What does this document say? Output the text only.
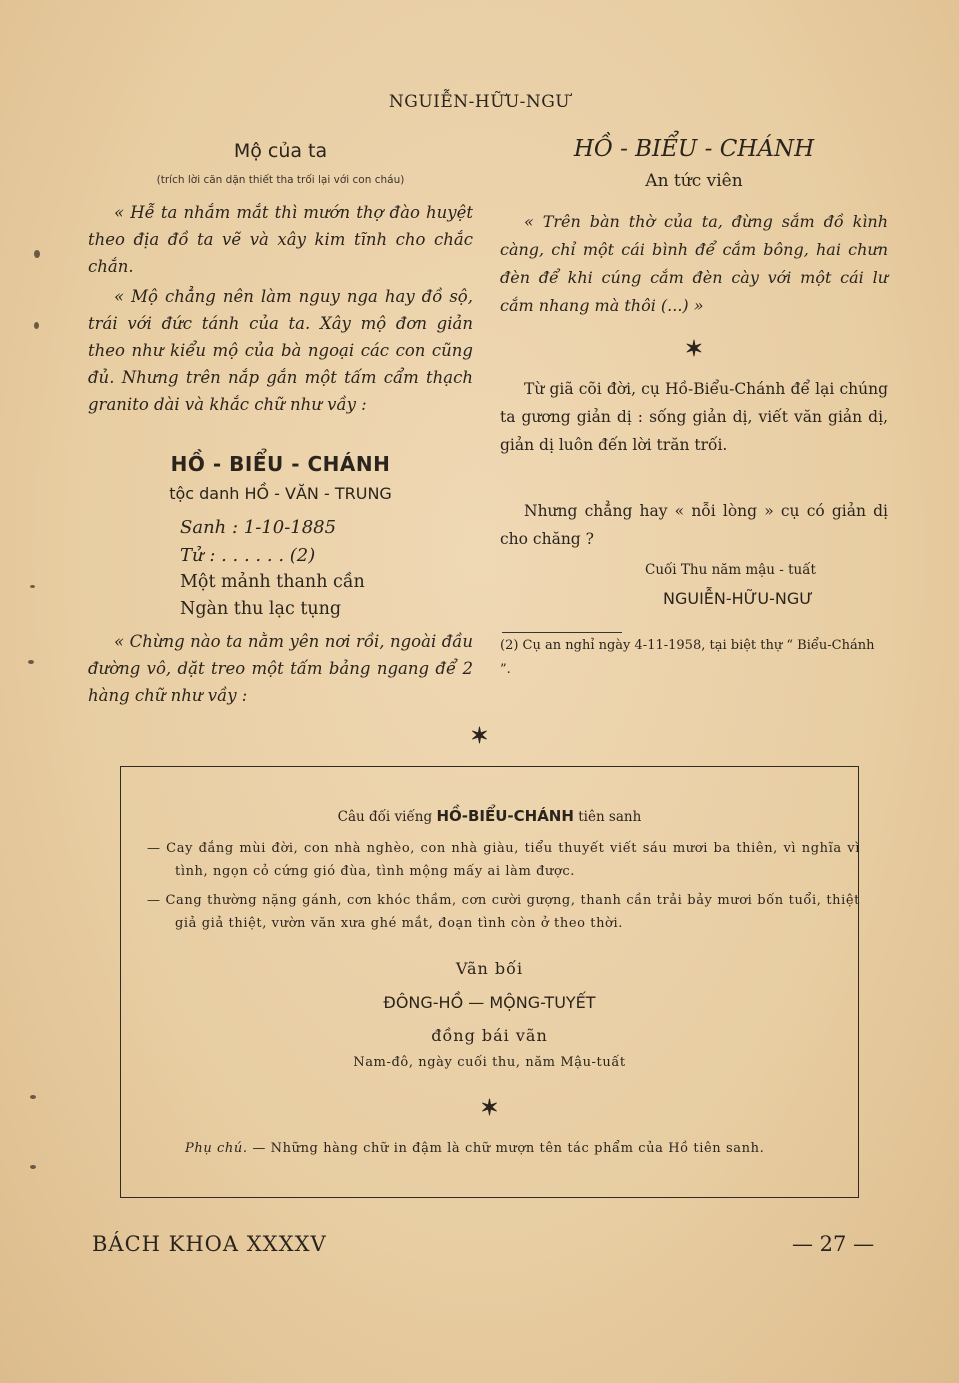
NGUIỄN-HỮU-NGƯ
Mộ của ta
(trích lời căn dặn thiết tha trối lại với con cháu)

« Hễ ta nhắm mắt thì mướn thợ đào huyệt theo địa đồ ta vẽ và xây kim tĩnh cho chắc chắn.

« Mộ chẳng nên làm nguy nga hay đồ sộ, trái với đức tánh của ta. Xây mộ đơn giản theo như kiểu mộ của bà ngoại các con cũng đủ. Nhưng trên nắp gắn một tấm cẩm thạch granito dài và khắc chữ như vầy :

HỒ - BIỂU - CHÁNH
tộc danh HỒ - VĂN - TRUNG
Sanh : 1-10-1885
Tử : . . . . . . (2)
Một mảnh thanh cần
Ngàn thu lạc tụng

« Chừng nào ta nằm yên nơi rồi, ngoài đầu đường vô, dặt treo một tấm bảng ngang để 2 hàng chữ như vầy :

HỒ - BIỂU - CHÁNH
An tức viên

« Trên bàn thờ của ta, đừng sắm đồ kình càng, chỉ một cái bình để cắm bông, hai chưn đèn để khi cúng cắm đèn cày với một cái lư cắm nhang mà thôi (...) »

✶

Từ giã cõi đời, cụ Hồ-Biểu-Chánh để lại chúng ta gương giản dị : sống giản dị, viết văn giản dị, giản dị luôn đến lời trăn trối.

Nhưng chẳng hay « nỗi lòng » cụ có giản dị cho chăng ?

Cuối Thu năm mậu - tuất
NGUIỄN-HỮU-NGƯ

(2) Cụ an nghỉ ngày 4-11-1958, tại biệt thự “ Biểu-Chánh ”.

✶
Câu đối viếng HỒ-BIỂU-CHÁNH tiên sanh

— Cay đắng mùi đời, con nhà nghèo, con nhà giàu, tiểu thuyết viết sáu mươi ba thiên, vì nghĩa vì tình, ngọn cỏ cứng gió đùa, tình mộng mấy ai làm được.

— Cang thường nặng gánh, cơn khóc thầm, cơn cười gượng, thanh cần trải bảy mươi bốn tuổi, thiệt giả giả thiệt, vườn văn xưa ghé mắt, đoạn tình còn ở theo thời.

Vãn bối
ĐÔNG-HỒ — MỘNG-TUYẾT
đồng bái vãn
Nam-đô, ngày cuối thu, năm Mậu-tuất
✶
Phụ chú. — Những hàng chữ in đậm là chữ mượn tên tác phẩm của Hồ tiên sanh.
BÁCH KHOA XXXXV	— 27 —
